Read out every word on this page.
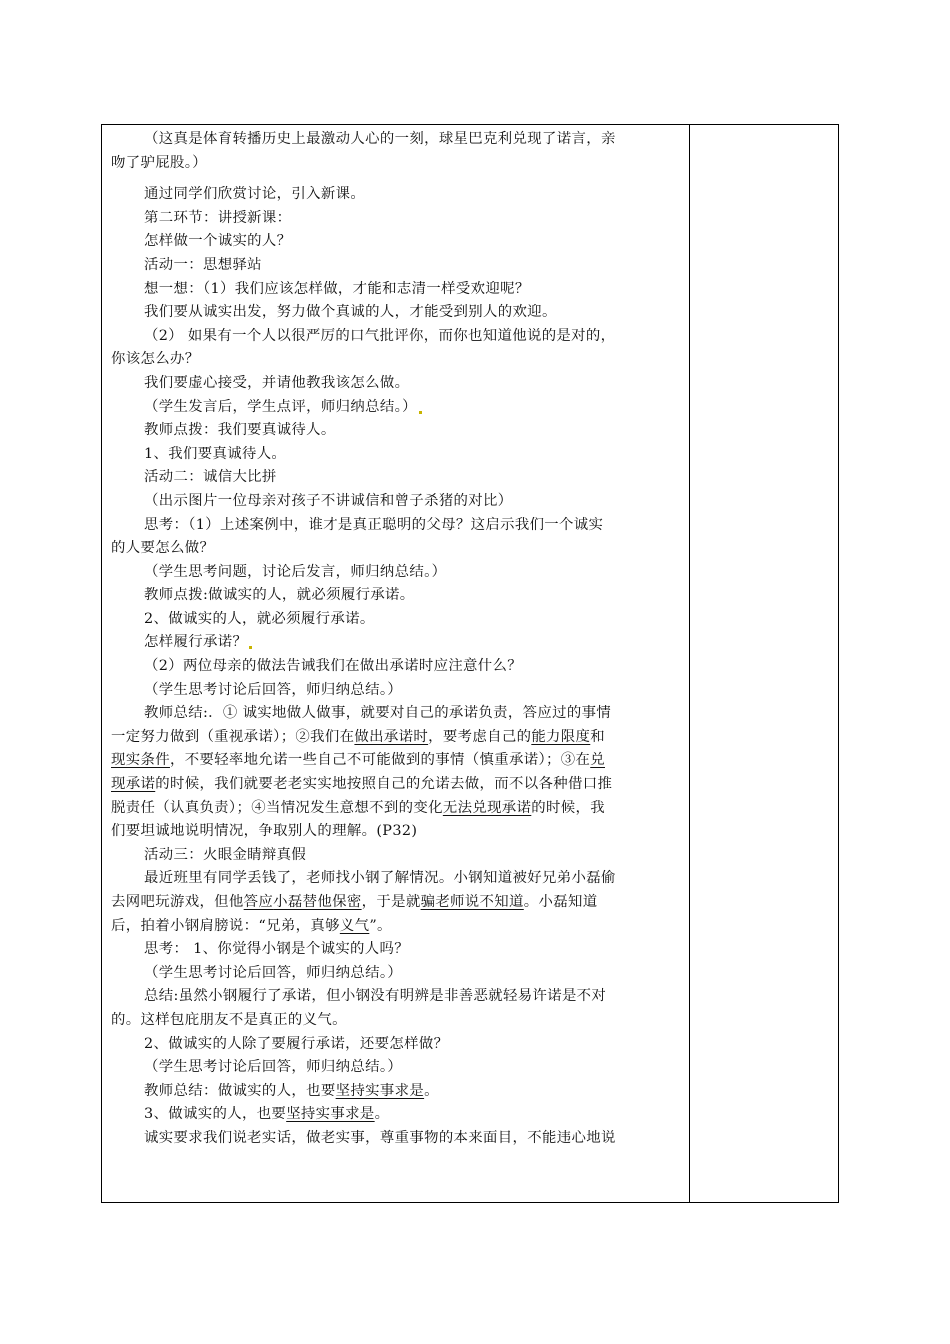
（这真是体育转播历史上最激动人心的一刻，球星巴克利兑现了诺言，亲

吻了驴屁股。）

通过同学们欣赏讨论，引入新课。

第二环节：讲授新课：

怎样做一个诚实的人？

活动一：思想驿站

想一想：（1）我们应该怎样做，才能和志清一样受欢迎呢？

我们要从诚实出发，努力做个真诚的人，才能受到别人的欢迎。

（2） 如果有一个人以很严厉的口气批评你，而你也知道他说的是对的，

你该怎么办？

我们要虚心接受，并请他教我该怎么做。

（学生发言后，学生点评，师归纳总结。）

教师点拨：我们要真诚待人。

1、我们要真诚待人。

活动二：诚信大比拼

（出示图片一位母亲对孩子不讲诚信和曾子杀猪的对比）

思考：（1）上述案例中，谁才是真正聪明的父母？这启示我们一个诚实

的人要怎么做？

（学生思考问题，讨论后发言，师归纳总结。）

教师点拨:做诚实的人，就必须履行承诺。

2、做诚实的人，就必须履行承诺。

怎样履行承诺？

（2）两位母亲的做法告诫我们在做出承诺时应注意什么？

（学生思考讨论后回答，师归纳总结。）

教师总结:．① 诚实地做人做事，就要对自己的承诺负责，答应过的事情

一定努力做到（重视承诺）；②我们在做出承诺时，要考虑自己的能力限度和

现实条件，不要轻率地允诺一些自己不可能做到的事情（慎重承诺）；③在兑

现承诺的时候，我们就要老老实实地按照自己的允诺去做，而不以各种借口推

脱责任（认真负责）；④当情况发生意想不到的变化无法兑现承诺的时候，我

们要坦诚地说明情况，争取别人的理解。(P32)

活动三：火眼金睛辩真假

最近班里有同学丢钱了，老师找小钢了解情况。小钢知道被好兄弟小磊偷

去网吧玩游戏，但他答应小磊替他保密，于是就骗老师说不知道。小磊知道

后，拍着小钢肩膀说：“兄弟，真够义气”。

思考： 1、你觉得小钢是个诚实的人吗？

（学生思考讨论后回答，师归纳总结。）

总结:虽然小钢履行了承诺，但小钢没有明辨是非善恶就轻易许诺是不对

的。这样包庇朋友不是真正的义气。

2、做诚实的人除了要履行承诺，还要怎样做？

（学生思考讨论后回答，师归纳总结。）

教师总结：做诚实的人，也要坚持实事求是。

3、做诚实的人，也要坚持实事求是。

诚实要求我们说老实话，做老实事，尊重事物的本来面目，不能违心地说
